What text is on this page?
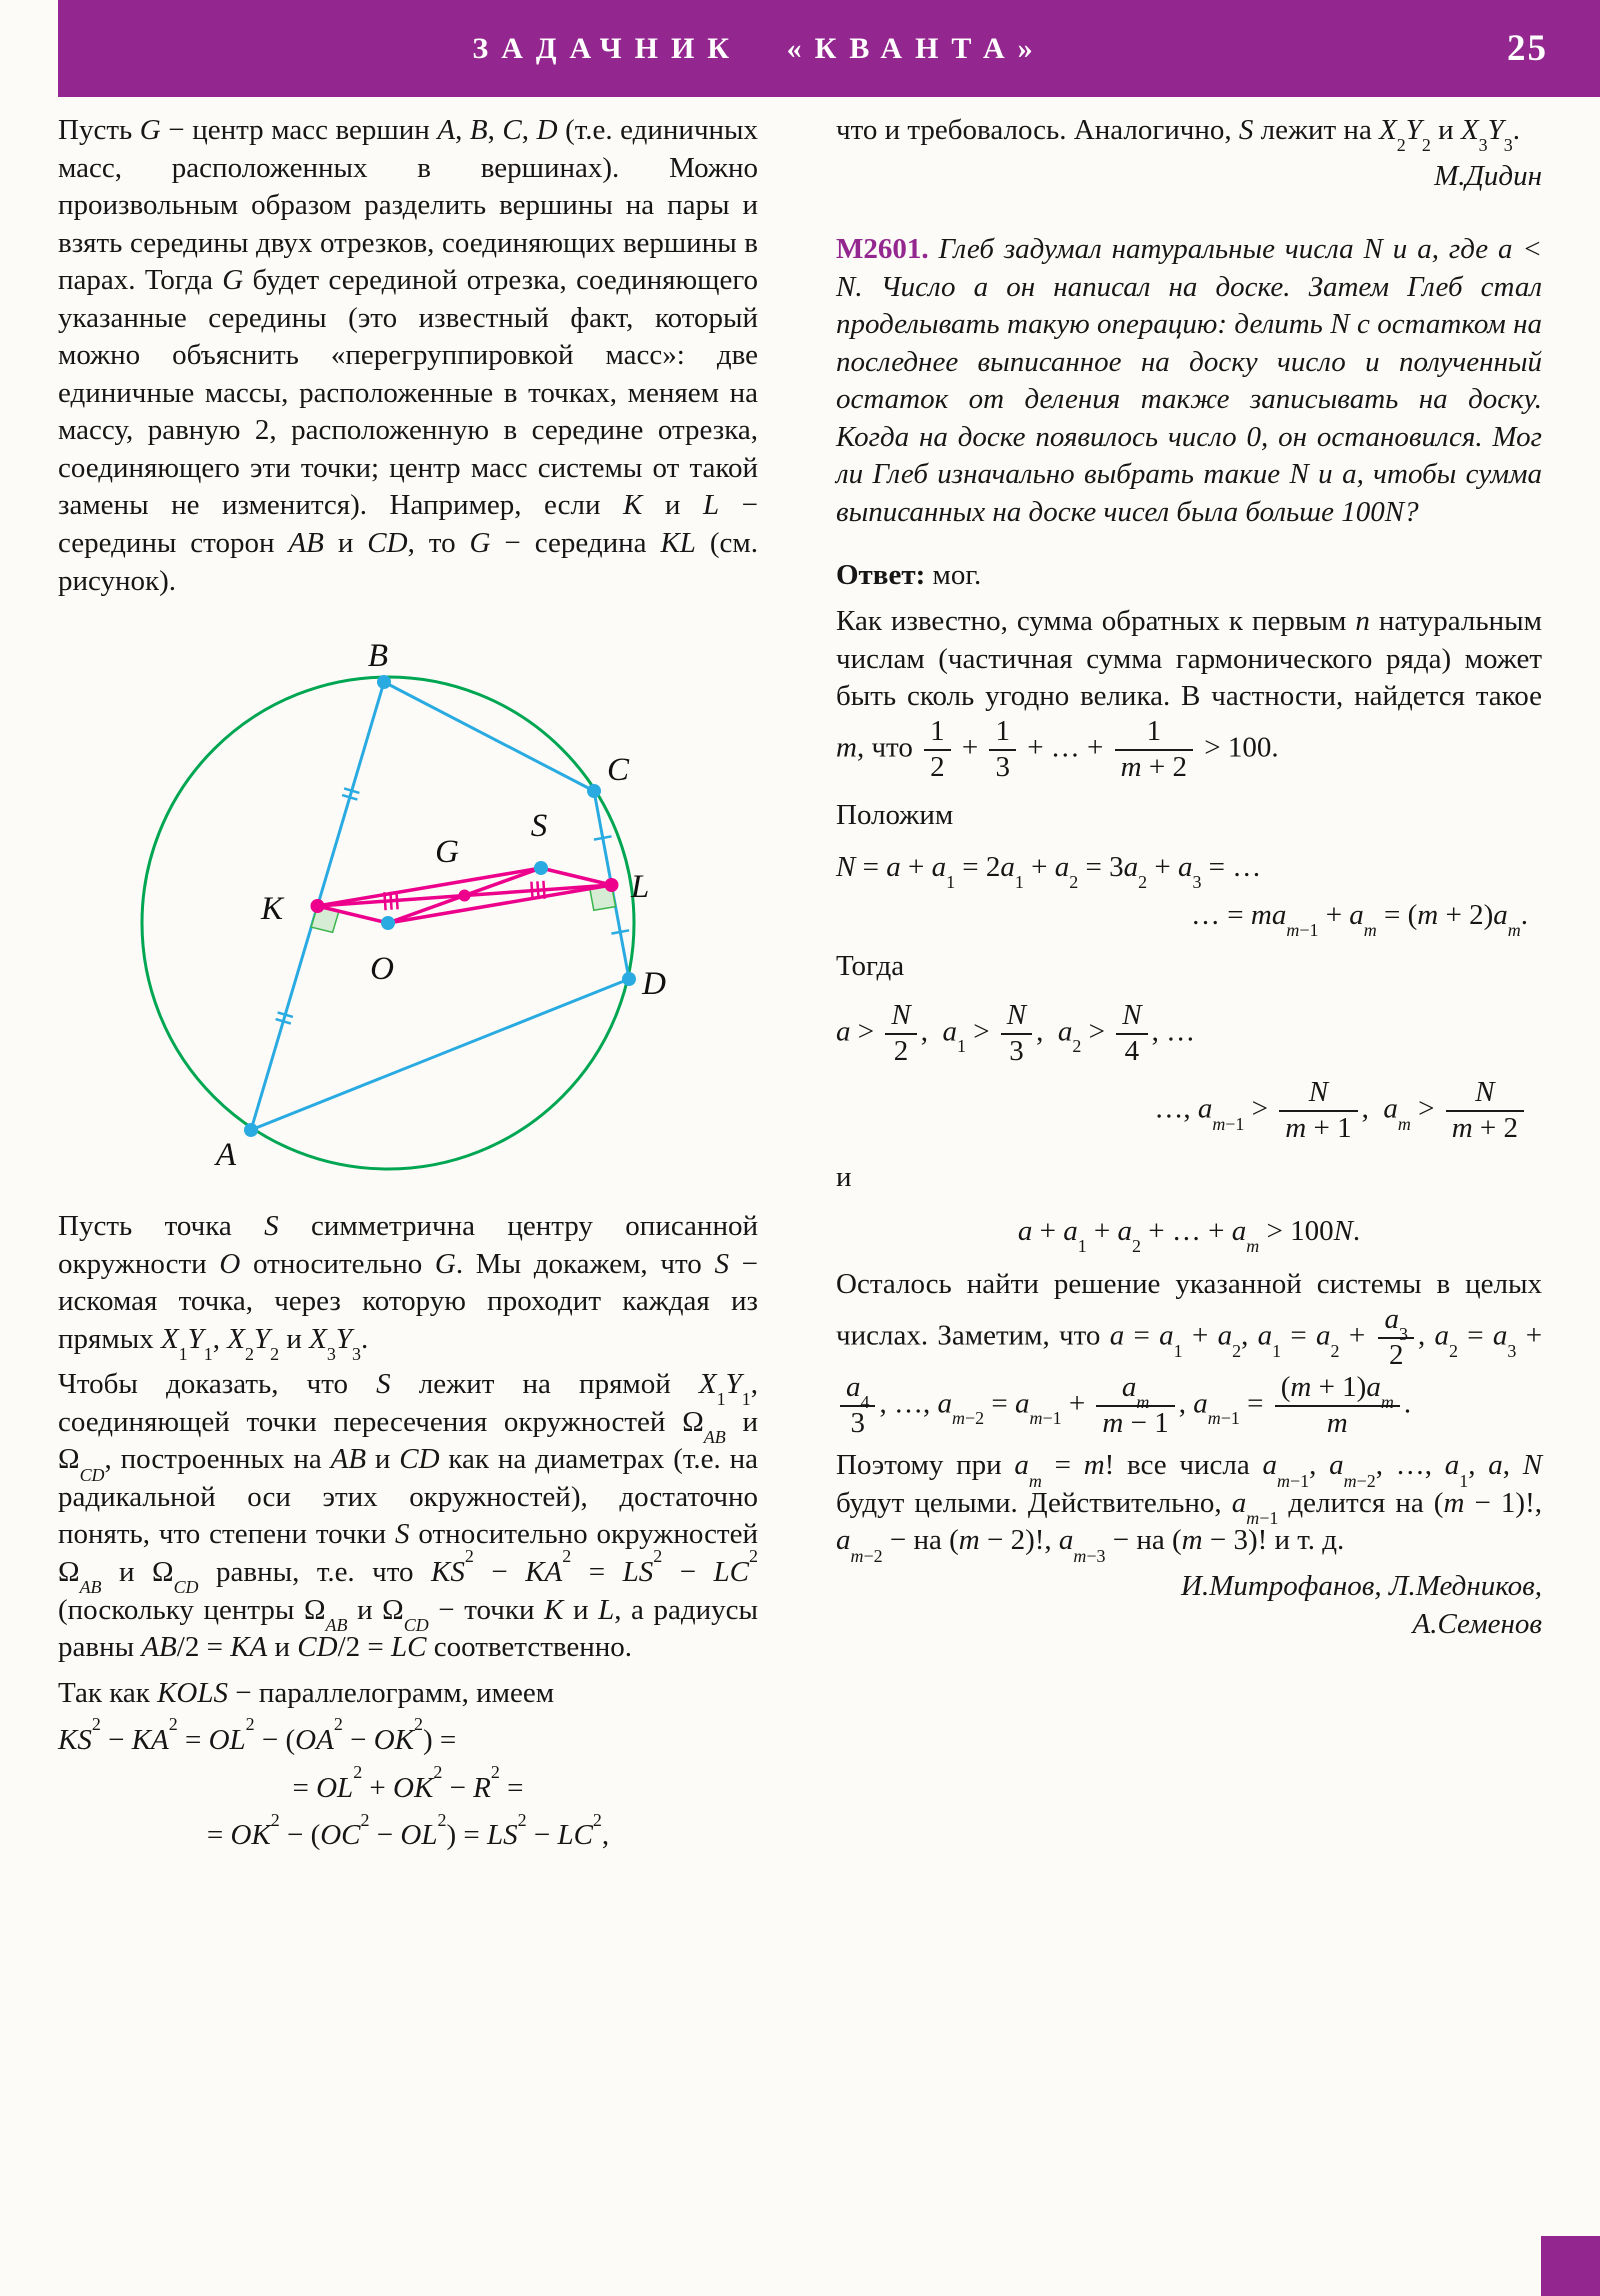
ЗАДАЧНИК «КВАНТА»	25

Пусть G − центр масс вершин A, B, C, D (т.е. единичных масс, расположенных в вершинах). Можно произвольным образом разделить вершины на пары и взять середины двух отрезков, соединяющих вершины в парах. Тогда G будет серединой отрезка, соединяющего указанные середины (это известный факт, который можно объяснить «перегруппировкой масс»: две единичные массы, расположенные в точках, меняем на массу, равную 2, расположенную в середине отрезка, соединяющего эти точки; центр масс системы от такой замены не изменится). Например, если K и L − середины сторон AB и CD, то G − середина KL (см. рисунок).

A
B
C
D
K
L
O
G
S

Пусть точка S симметрична центру описанной окружности O относительно G. Мы докажем, что S − искомая точка, через которую проходит каждая из прямых $X_1Y_1$, $X_2Y_2$ и $X_3Y_3$.

Чтобы доказать, что S лежит на прямой $X_1Y_1$, соединяющей точки пересечения окружностей $\Omega_{AB}$ и $\Omega_{CD}$, построенных на AB и CD как на диаметрах (т.е. на радикальной оси этих окружностей), достаточно понять, что степени точки S относительно окружностей $\Omega_{AB}$ и $\Omega_{CD}$ равны, т.е. что $KS^2 - KA^2 = LS^2 - LC^2$ (поскольку центры $\Omega_{AB}$ и $\Omega_{CD}$ − точки K и L, а радиусы равны AB/2 = KA и CD/2 = LC соответственно.

Так как KOLS − параллелограмм, имеем

$KS^2 - KA^2 = OL^2 - (OA^2 - OK^2)$ =
= $OL^2 + OK^2 - R^2$ =
= $OK^2 - (OC^2 - OL^2) = LS^2 - LC^2$,

что и требовалось. Аналогично, S лежит на $X_2Y_2$ и $X_3Y_3$.

М.Дидин

М2601. Глеб задумал натуральные числа N и a, где a < N. Число a он написал на доске. Затем Глеб стал проделывать такую операцию: делить N с остатком на последнее выписанное на доску число и полученный остаток от деления также записывать на доску. Когда на доске появилось число 0, он остановился. Мог ли Глеб изначально выбрать такие N и a, чтобы сумма выписанных на доске чисел была больше 100N?

Ответ: мог.

Как известно, сумма обратных к первым n натуральным числам (частичная сумма гармонического ряда) может быть сколь угодно велика. В частности, найдется такое m, что $\frac{1}{2} + \frac{1}{3}$ + … + $\frac{1}{m + 2} > 100$.

Положим

$N = a + a_1 = 2a_1 + a_2 = 3a_2 + a_3$ = …
… = $ma_{m-1} + a_m = (m + 2)a_m$.

Тогда

$a > \frac{N}{2}$ ,  $a_1 > \frac{N}{3}$ ,  $a_2 > \frac{N}{4}$ , …
…, $a_{m-1} > \frac{N}{m + 1}$ ,  $a_m > \frac{N}{m + 2}$

и

$a + a_1 + a_2$ + … + $a_m > 100N$.

Осталось найти решение указанной системы в целых числах. Заметим, что $a = a_1 + a_2$, $a_1 = a_2 + \frac{a_3}{2}$ , $a_2 = a_3$ +
$\frac{a_4}{3}$ , …, $a_{m-2} = a_{m-1} + \frac{a_m}{m - 1}$ , $a_{m-1} = \frac{(m + 1)a_m}{m}$ .

Поэтому при $a_m = m$! все числа $a_{m-1}$, $a_{m-2}$, …, $a_1$, a, N будут целыми. Действительно, $a_{m-1}$ делится на (m − 1)!, $a_{m-2}$ − на (m − 2)!, $a_{m-3}$ − на (m − 3)! и т. д.

И.Митрофанов, Л.Медников,

А.Семенов
